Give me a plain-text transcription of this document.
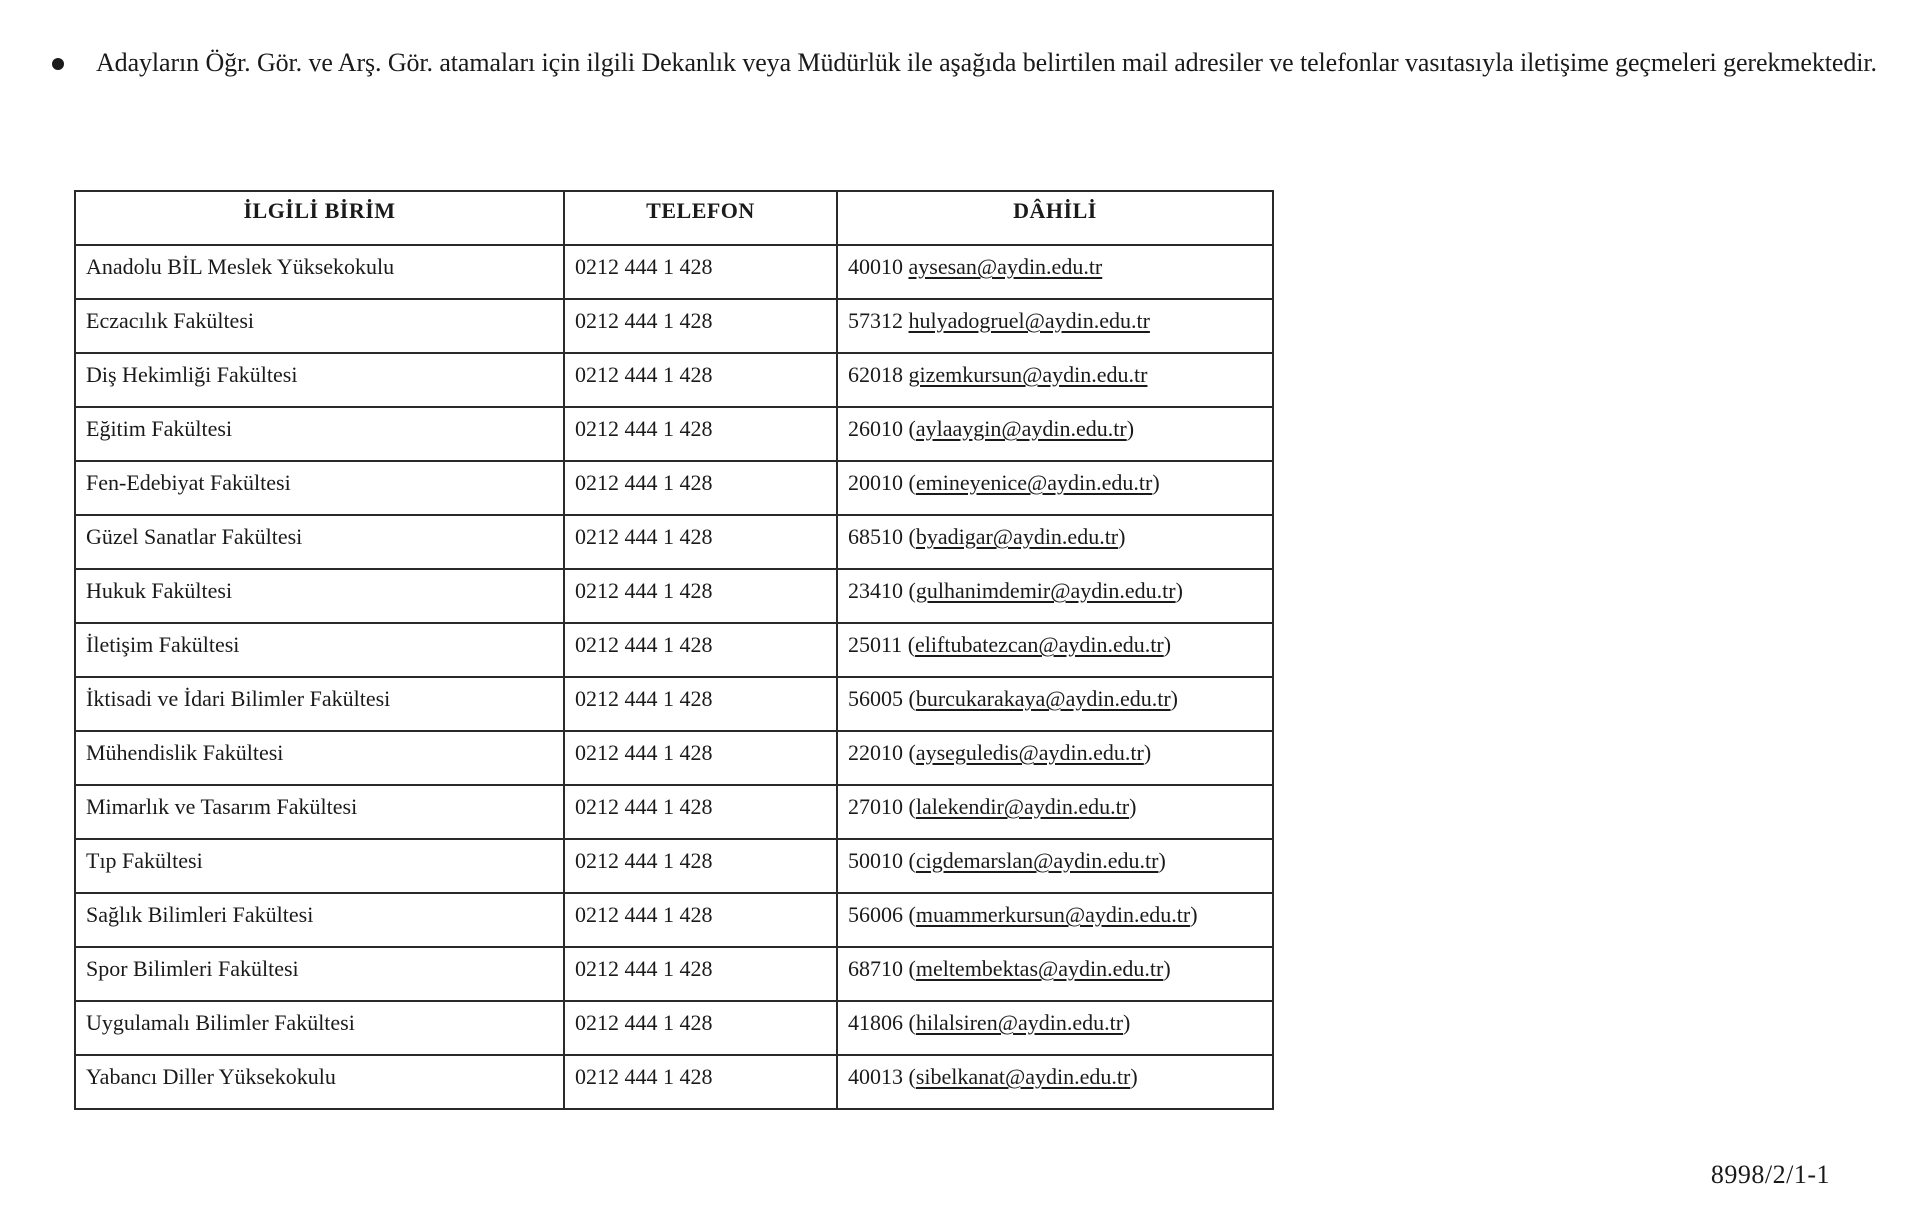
Adayların Öğr. Gör. ve Arş. Gör. atamaları için ilgili Dekanlık veya Müdürlük ile aşağıda belirtilen mail adresiler ve telefonlar vasıtasıyla iletişime geçmeleri gerekmektedir.
İLGİLİ BİRİM	TELEFON	DÂHİLİ
Anadolu BİL Meslek Yüksekokulu	0212 444 1 428	40010 aysesan@aydin.edu.tr
Eczacılık Fakültesi	0212 444 1 428	57312 hulyadogruel@aydin.edu.tr
Diş Hekimliği Fakültesi	0212 444 1 428	62018 gizemkursun@aydin.edu.tr
Eğitim Fakültesi	0212 444 1 428	26010 (aylaaygin@aydin.edu.tr)
Fen-Edebiyat Fakültesi	0212 444 1 428	20010 (emineyenice@aydin.edu.tr)
Güzel Sanatlar Fakültesi	0212 444 1 428	68510 (byadigar@aydin.edu.tr)
Hukuk Fakültesi	0212 444 1 428	23410 (gulhanimdemir@aydin.edu.tr)
İletişim Fakültesi	0212 444 1 428	25011 (eliftubatezcan@aydin.edu.tr)
İktisadi ve İdari Bilimler Fakültesi	0212 444 1 428	56005 (burcukarakaya@aydin.edu.tr)
Mühendislik Fakültesi	0212 444 1 428	22010 (ayseguledis@aydin.edu.tr)
Mimarlık ve Tasarım Fakültesi	0212 444 1 428	27010 (lalekendir@aydin.edu.tr)
Tıp Fakültesi	0212 444 1 428	50010 (cigdemarslan@aydin.edu.tr)
Sağlık Bilimleri Fakültesi	0212 444 1 428	56006 (muammerkursun@aydin.edu.tr)
Spor Bilimleri Fakültesi	0212 444 1 428	68710 (meltembektas@aydin.edu.tr)
Uygulamalı Bilimler Fakültesi	0212 444 1 428	41806 (hilalsiren@aydin.edu.tr)
Yabancı Diller Yüksekokulu	0212 444 1 428	40013 (sibelkanat@aydin.edu.tr)
8998/2/1-1
